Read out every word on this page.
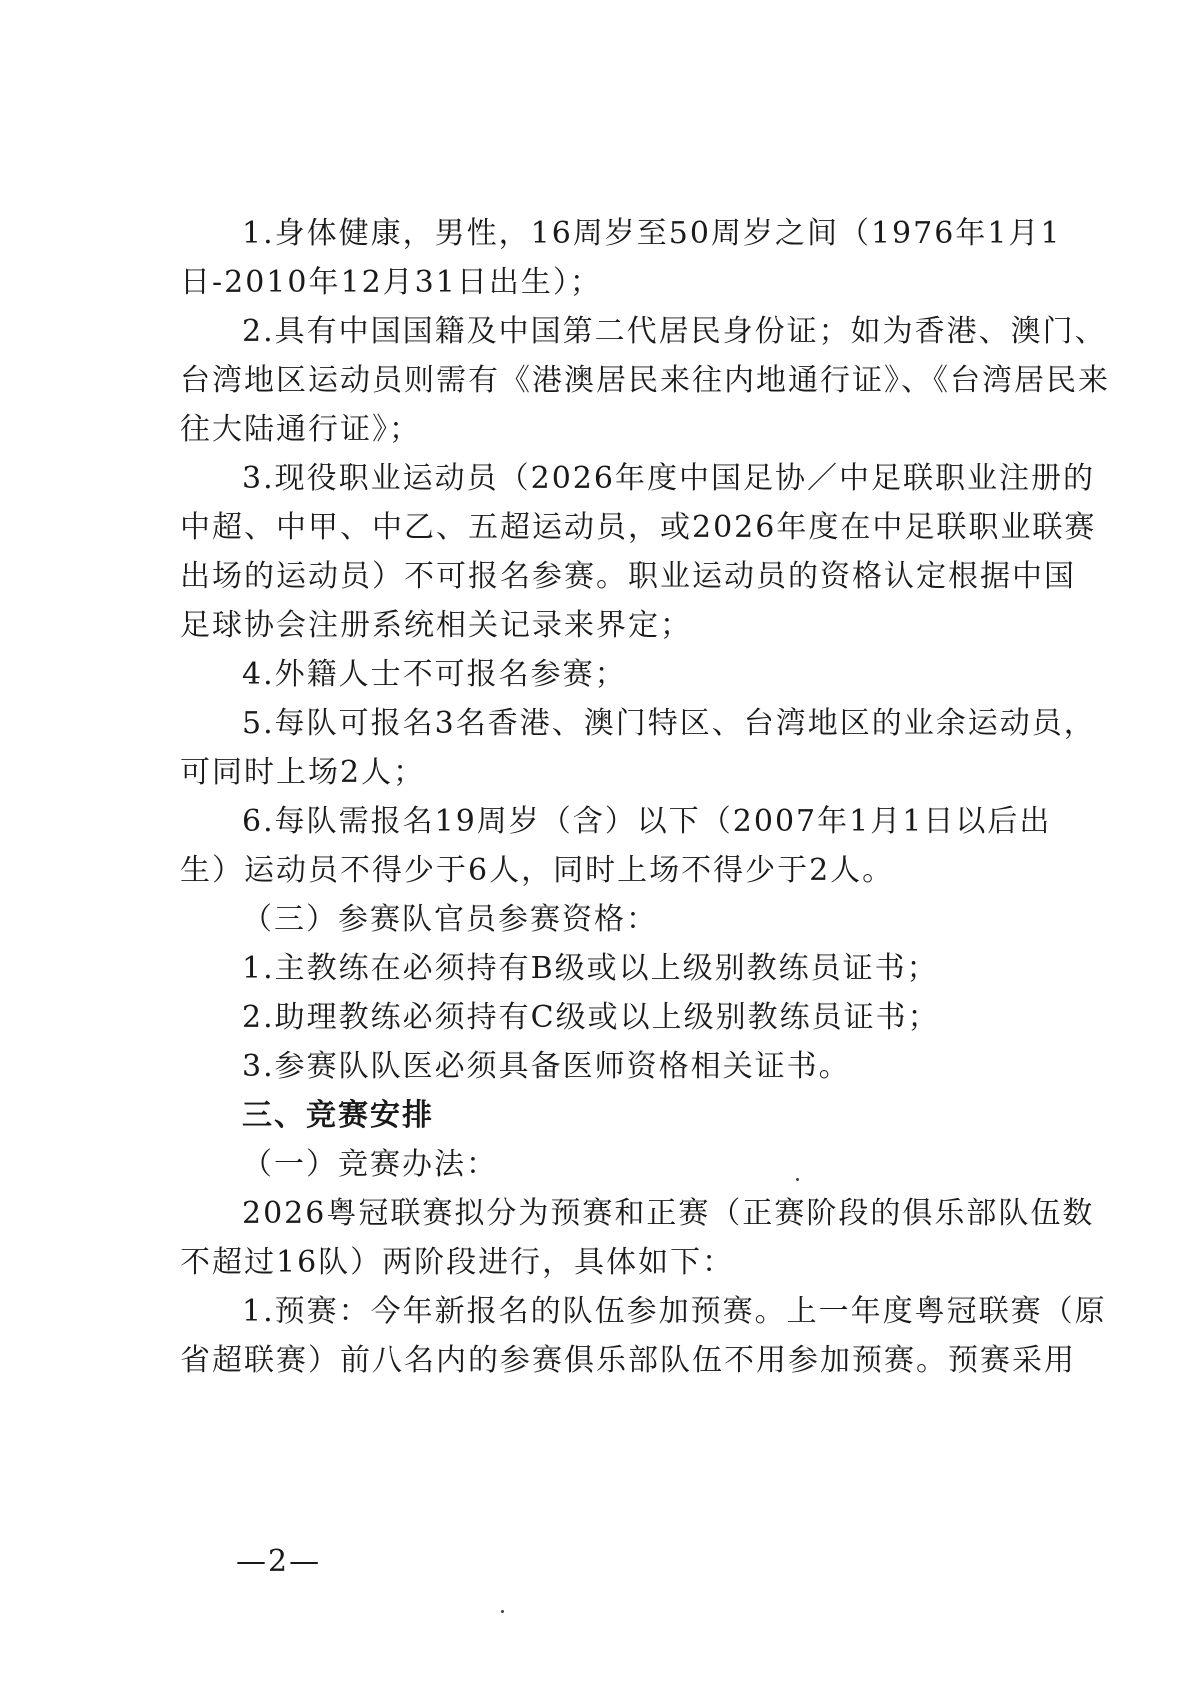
1.身体健康，男性，16周岁至50周岁之间（1976年1月1
日-2010年12月31日出生）；
2.具有中国国籍及中国第二代居民身份证；如为香港、澳门、
台湾地区运动员则需有《港澳居民来往内地通行证》、《台湾居民来
往大陆通行证》；
3.现役职业运动员（2026年度中国足协／中足联职业注册的
中超、中甲、中乙、五超运动员，或2026年度在中足联职业联赛
出场的运动员）不可报名参赛。职业运动员的资格认定根据中国
足球协会注册系统相关记录来界定；
4.外籍人士不可报名参赛；
5.每队可报名3名香港、澳门特区、台湾地区的业余运动员，
可同时上场2人；
6.每队需报名19周岁（含）以下（2007年1月1日以后出
生）运动员不得少于6人，同时上场不得少于2人。
（三）参赛队官员参赛资格：
1.主教练在必须持有B级或以上级别教练员证书；
2.助理教练必须持有C级或以上级别教练员证书；
3.参赛队队医必须具备医师资格相关证书。
三、竞赛安排
（一）竞赛办法：
2026粤冠联赛拟分为预赛和正赛（正赛阶段的俱乐部队伍数
不超过16队）两阶段进行，具体如下：
1.预赛：今年新报名的队伍参加预赛。上一年度粤冠联赛（原
省超联赛）前八名内的参赛俱乐部队伍不用参加预赛。预赛采用
—2—
